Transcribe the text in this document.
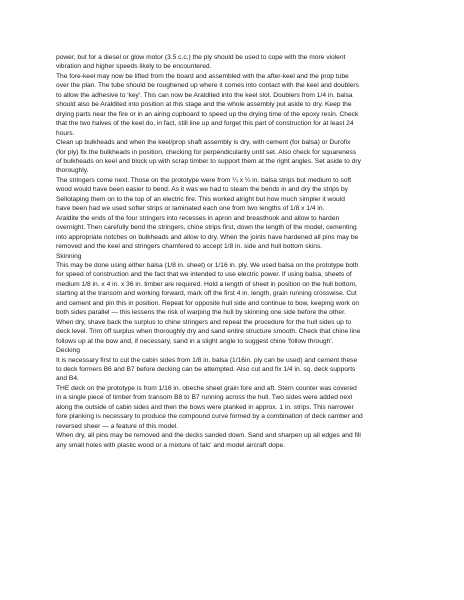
power, but for a diesel or glow motor (3.5 c.c.) the ply should be used to cope with the more violent

vibration and higher speeds likely to be encountered.

The fore-keel may now be lifted from the board and assembled with the after-keel and the prop tube

over the plan. The tube should be roughened up where it comes into contact with the keel and doublers

to allow the adhesive to 'key'. This can now be Araldited into the keel slot. Doublers from 1/4 in. balsa

should also be Araldited into position at this stage and the whole assembly put aside to dry. Keep the

drying parts near the fire or in an airing cupboard to speed up the drying time of the epoxy resin. Check

that the two halves of the keel do, in fact, still line up and forget this part of construction for at least 24

hours.

Clean up bulkheads and when the keel/prop shaft assembly is dry, with cement (for balsa) or Durofix

(for ply) fix the bulkheads in position, checking for perpendicularity until set. Also check for squareness

of bulkheads on keel and block up with scrap timber to support them at the right angles. Set aside to dry

thoroughly.

The stringers come next. Those on the prototype were from ¼ x ¼ in. balsa strips but medium to soft

wood would have been easier to bend. As it was we had to steam the bends in and dry the strips by

Sellotaping them on to the top of an electric fire. This worked alright but how much simpler it would

have been had we used softer strips or laminated each one from two lengths of 1/8 x 1/4 in.

Araldite the ends of the four stringers into recesses in apron and breasthook and allow to harden

overnight. Then carefully bend the stringers, chine strips first, down the length of the model, cementing

into appropriate notches on bulkheads and allow to dry. When the joints have hardened all pins may be

removed and the keel and stringers chamfered to accept 1/8 in. side and hull bottom skins.

Skinning

This may be done using either balsa (1/8 in. sheet) or 1/16 in. ply. We used balsa on the prototype both

for speed of construction and the fact that we intended to use electric power. If using balsa, sheets of

medium 1/8 in. x 4 in. x 36 in. timber are required. Hold a length of sheet in position on the hull bottom,

starting at the transom and working forward, mark off the first 4 in. length, grain running crosswise. Cut

and cement and pin this in position. Repeat for opposite hull side and continue to bow, keeping work on

both sides parallel — this lessens the risk of warping the hull by skinning one side before the other.

When dry, shave back the surplus to chine stringers and repeat the procedure for the hull sides up to

deck level. Trim off surplus when thoroughly dry and sand entire structure smooth. Check that chine line

follows up at the bow and, if necessary, sand in a slight angle to suggest chine 'follow through'.

Decking

It is necessary first to cut the cabin sides from 1/8 in. balsa (1/16in. ply can be used) and cement these

to deck formers B6 and B7 before decking can be attempted. Also cut and fix 1/4 in. sq. deck supports

and B4.

THE deck on the prototype is from 1/16 in. obeche sheet grain fore and aft. Stern counter was covered

in a single piece of timber from transom B8 to B7 running across the hull. Two sides were added next

along the outside of cabin sides and then the bows were planked in approx. 1 in. strips. This narrower

fore planking is necessary to produce the compound curve formed by a combination of deck camber and

reversed sheer — a feature of this model.

When dry, all pins may be removed and the decks sanded down. Sand and sharpen up all edges and fill

any small holes with plastic wood or a mixture of talc' and model aircraft dope.
